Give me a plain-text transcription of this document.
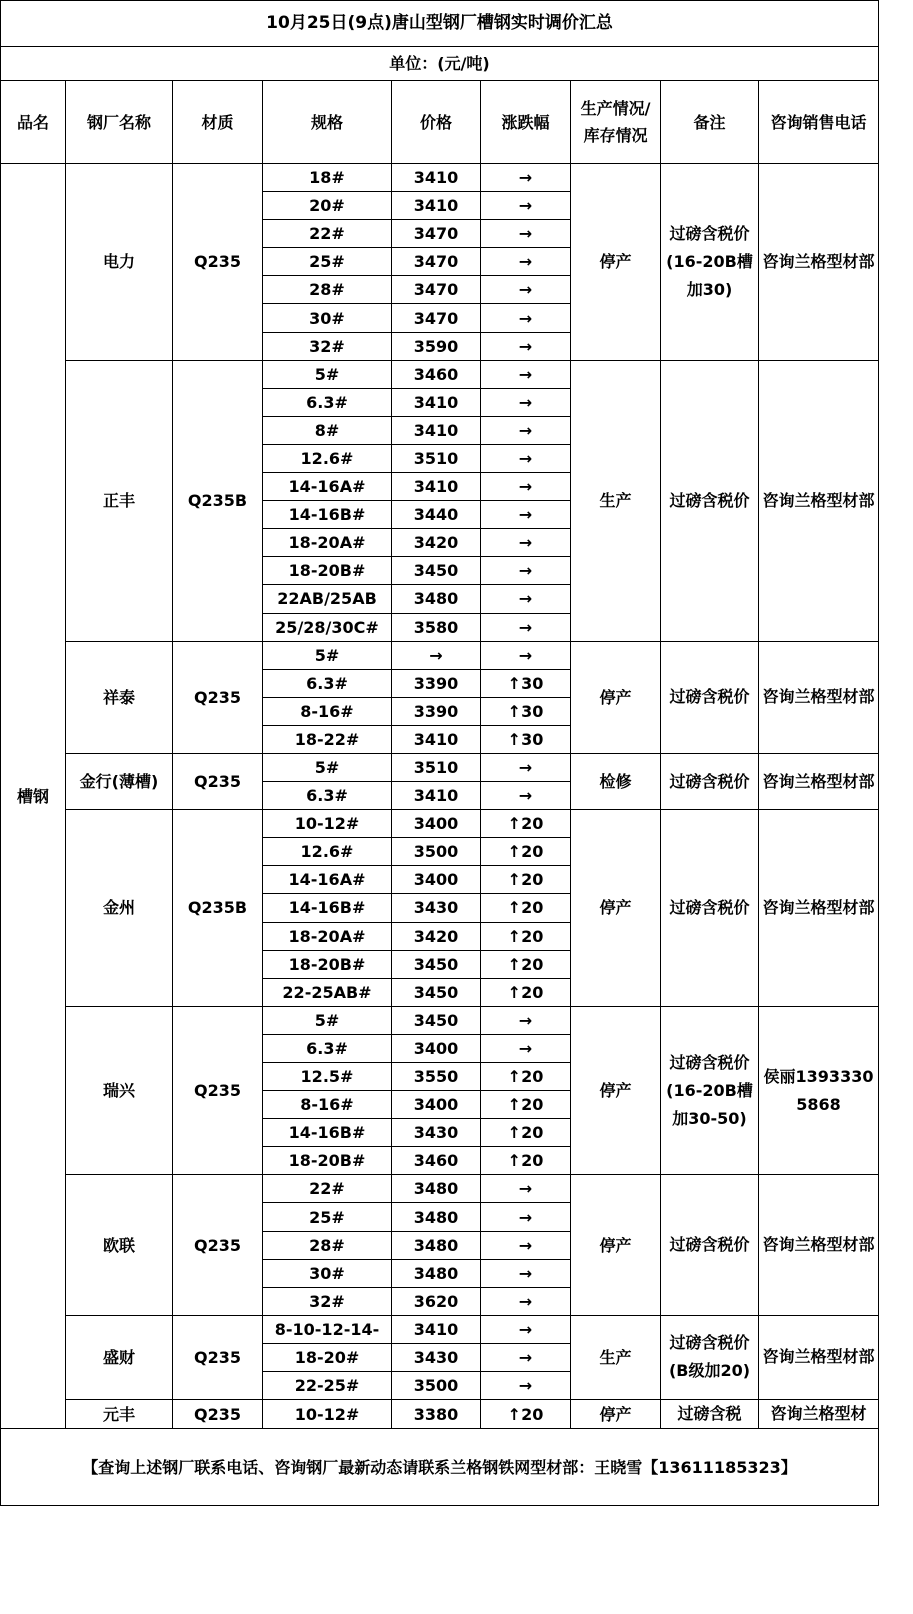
10月25日(9点)唐山型钢厂槽钢实时调价汇总								
单位：(元/吨)								
品名	钢厂名称	材质	规格	价格	涨跌幅	生产情况/库存情况	备注	咨询销售电话
槽钢	电力	Q235	18#	3410	→	停产	过磅含税价(16-20B槽加30)	咨询兰格型材部
			20#	3410	→			
			22#	3470	→			
			25#	3470	→			
			28#	3470	→			
			30#	3470	→			
			32#	3590	→			
	正丰	Q235B	5#	3460	→	生产	过磅含税价	咨询兰格型材部
			6.3#	3410	→			
			8#	3410	→			
			12.6#	3510	→			
			14-16A#	3410	→			
			14-16B#	3440	→			
			18-20A#	3420	→			
			18-20B#	3450	→			
			22AB/25AB	3480	→			
			25/28/30C#	3580	→			
	祥泰	Q235	5#	→	→	停产	过磅含税价	咨询兰格型材部
			6.3#	3390	↑30			
			8-16#	3390	↑30			
			18-22#	3410	↑30			
	金行(薄槽)	Q235	5#	3510	→	检修	过磅含税价	咨询兰格型材部
			6.3#	3410	→			
	金州	Q235B	10-12#	3400	↑20	停产	过磅含税价	咨询兰格型材部
			12.6#	3500	↑20			
			14-16A#	3400	↑20			
			14-16B#	3430	↑20			
			18-20A#	3420	↑20			
			18-20B#	3450	↑20			
			22-25AB#	3450	↑20			
	瑞兴	Q235	5#	3450	→	停产	过磅含税价(16-20B槽加30-50)	侯丽13933305868
			6.3#	3400	→			
			12.5#	3550	↑20			
			8-16#	3400	↑20			
			14-16B#	3430	↑20			
			18-20B#	3460	↑20			
	欧联	Q235	22#	3480	→	停产	过磅含税价	咨询兰格型材部
			25#	3480	→			
			28#	3480	→			
			30#	3480	→			
			32#	3620	→			
	盛财	Q235	8-10-12-14-	3410	→	生产	过磅含税价(B级加20)	咨询兰格型材部
			18-20#	3430	→			
			22-25#	3500	→			
	元丰	Q235	10-12#	3380	↑20	停产	过磅含税	咨询兰格型材
【查询上述钢厂联系电话、咨询钢厂最新动态请联系兰格钢铁网型材部：王晓雪【13611185323】								
